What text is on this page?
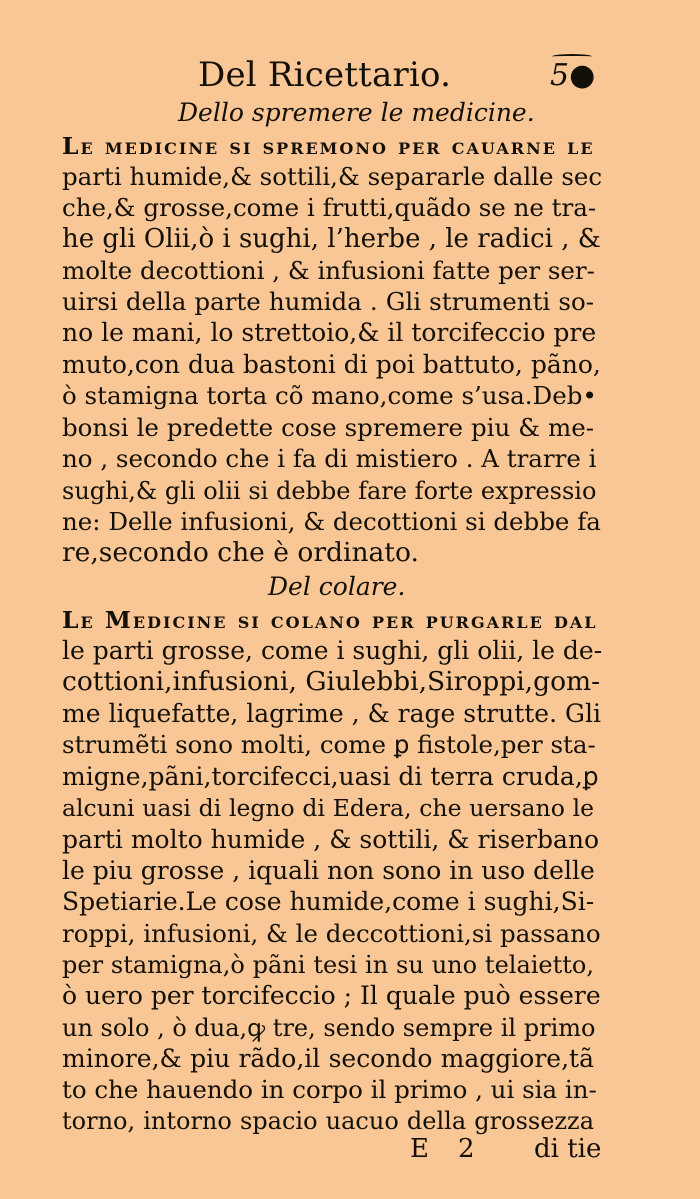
Del Ricettario.	5●
Dello spremere le medicine.
Le medicine si spremono per cauarne le
parti humide,& sottili,& separarle dalle sec
che,& grosse,come i frutti,quãdo se ne tra-
he gli Olii,ò i sughi, l’herbe , le radici , &
molte decottioni , & infusioni fatte per ser-
uirsi della parte humida . Gli strumenti so-
no le mani, lo strettoio,& il torcifeccio pre
muto,con dua bastoni di poi battuto, pãno,
ò stamigna torta cõ mano,come s’usa.Deb•
bonsi le predette cose spremere piu & me-
no , secondo che i fa di mistiero . A trarre i
sughi,& gli olii si debbe fare forte expressio
ne: Delle infusioni, & decottioni si debbe fa
re,secondo che è ordinato.
Del colare.
Le Medicine si colano per purgarle dal
le parti grosse, come i sughi, gli olii, le de-
cottioni,infusioni, Giulebbi,Siroppi,gom-
me liquefatte, lagrime , & rage strutte. Gli
strumẽti sono molti, come ꝑ fistole,per sta-
migne,pãni,torcifecci,uasi di terra cruda,ꝑ
alcuni uasi di legno di Edera, che uersano le
parti molto humide , & sottili, & riserbano
le piu grosse , iquali non sono in uso delle
Spetiarie.Le cose humide,come i sughi,Si-
roppi, infusioni, & le deccottioni,si passano
per stamigna,ò pãni tesi in su uno telaietto,
ò uero per torcifeccio ; Il quale può essere
un solo , ò dua,ꝙ tre, sendo sempre il primo
minore,& piu rãdo,il secondo maggiore,tã
to che hauendo in corpo il primo , ui sia in-
torno, intorno spacio uacuo della grossezza
E 2 di tie
